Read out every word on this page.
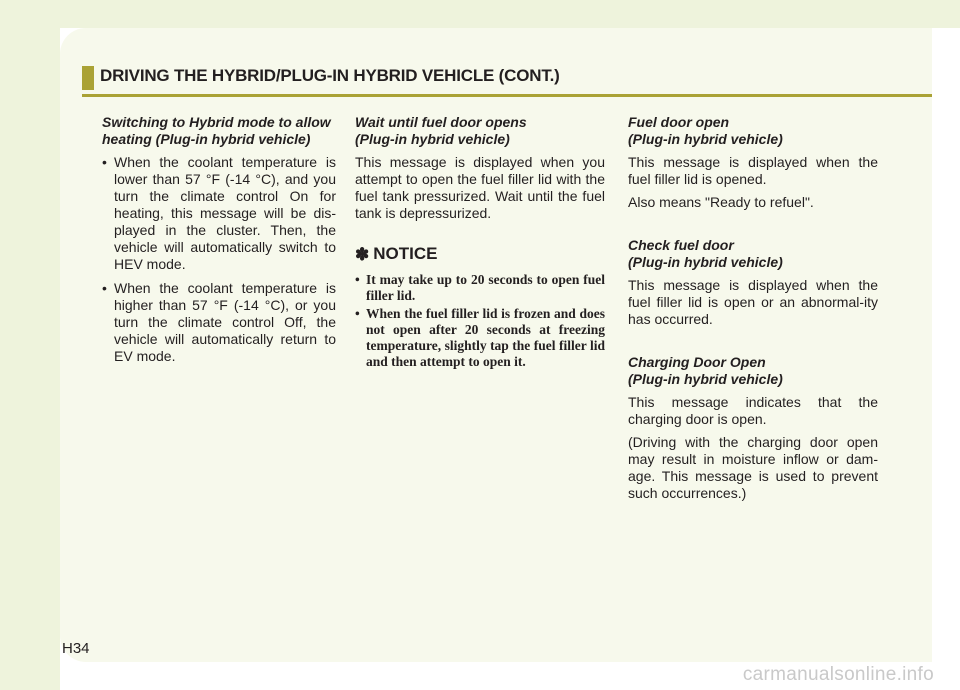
DRIVING THE HYBRID/PLUG-IN HYBRID VEHICLE (CONT.)
Switching to Hybrid mode to allow
heating (Plug-in hybrid vehicle)
• When the coolant temperature is lower than 57 °F (-14 °C), and you turn the climate control On for heating, this message will be dis-played in the cluster. Then, the vehicle will automatically switch to HEV mode.
• When the coolant temperature is higher than 57 °F (-14 °C), or you turn the climate control Off, the vehicle will automatically return to EV mode.
Wait until fuel door opens
(Plug-in hybrid vehicle)

This message is displayed when you attempt to open the fuel filler lid with the fuel tank pressurized. Wait until the fuel tank is depressurized.

✽ NOTICE
• It may take up to 20 seconds to open fuel filler lid.
• When the fuel filler lid is frozen and does not open after 20 seconds at freezing temperature, slightly tap the fuel filler lid and then attempt to open it.
Fuel door open
(Plug-in hybrid vehicle)

This message is displayed when the fuel filler lid is opened.

Also means "Ready to refuel".

Check fuel door
(Plug-in hybrid vehicle)

This message is displayed when the fuel filler lid is open or an abnormal-ity has occurred.

Charging Door Open
(Plug-in hybrid vehicle)

This message indicates that the charging door is open.

(Driving with the charging door open may result in moisture inflow or dam-age. This message is used to prevent such occurrences.)

H34
carmanualsonline.info
